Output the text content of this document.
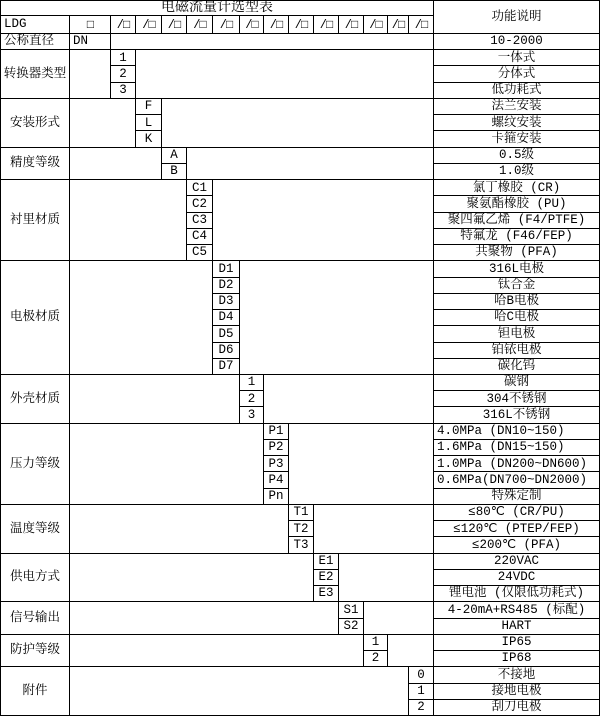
电磁流量计选型表
功能说明
LDG	□	/□	/□	/□	/□	/□	/□	/□	/□	/□	/□	/□ /□ /□
公称直径	DN	10-2000
转换器类型
1	一体式
2	分体式
3	低功耗式
安装形式
F	法兰安装
L	螺纹安装
K	卡箍安装
精度等级
A	0.5级
B	1.0级
衬里材质
C1	氯丁橡胶 (CR)
C2	聚氨酯橡胶 (PU)
C3	聚四氟乙烯 (F4/PTFE)
C4	特氟龙 (F46/FEP)
C5	共聚物 (PFA)
电极材质
D1	316L电极
D2	钛合金
D3	哈B电极
D4	哈C电极
D5	钽电极
D6	铂铱电极
D7	碳化钨
外壳材质
1	碳钢
2	304不锈钢
3	316L不锈钢
压力等级
P1	4.0MPa (DN10~150)
P2	1.6MPa (DN15~150)
P3	1.0MPa (DN200~DN600)
P4	0.6MPa(DN700~DN2000)
Pn	特殊定制
温度等级
T1	≤80℃ (CR/PU)
T2	≤120℃ (PTEP/FEP)
T3	≤200℃ (PFA)
供电方式
E1	220VAC
E2	24VDC
E3	锂电池 (仅限低功耗式)
信号输出
S1	4-20mA+RS485 (标配)
S2	HART
防护等级
1	IP65
2	IP68
附件
0	不接地
1	接地电极
2	刮刀电极
